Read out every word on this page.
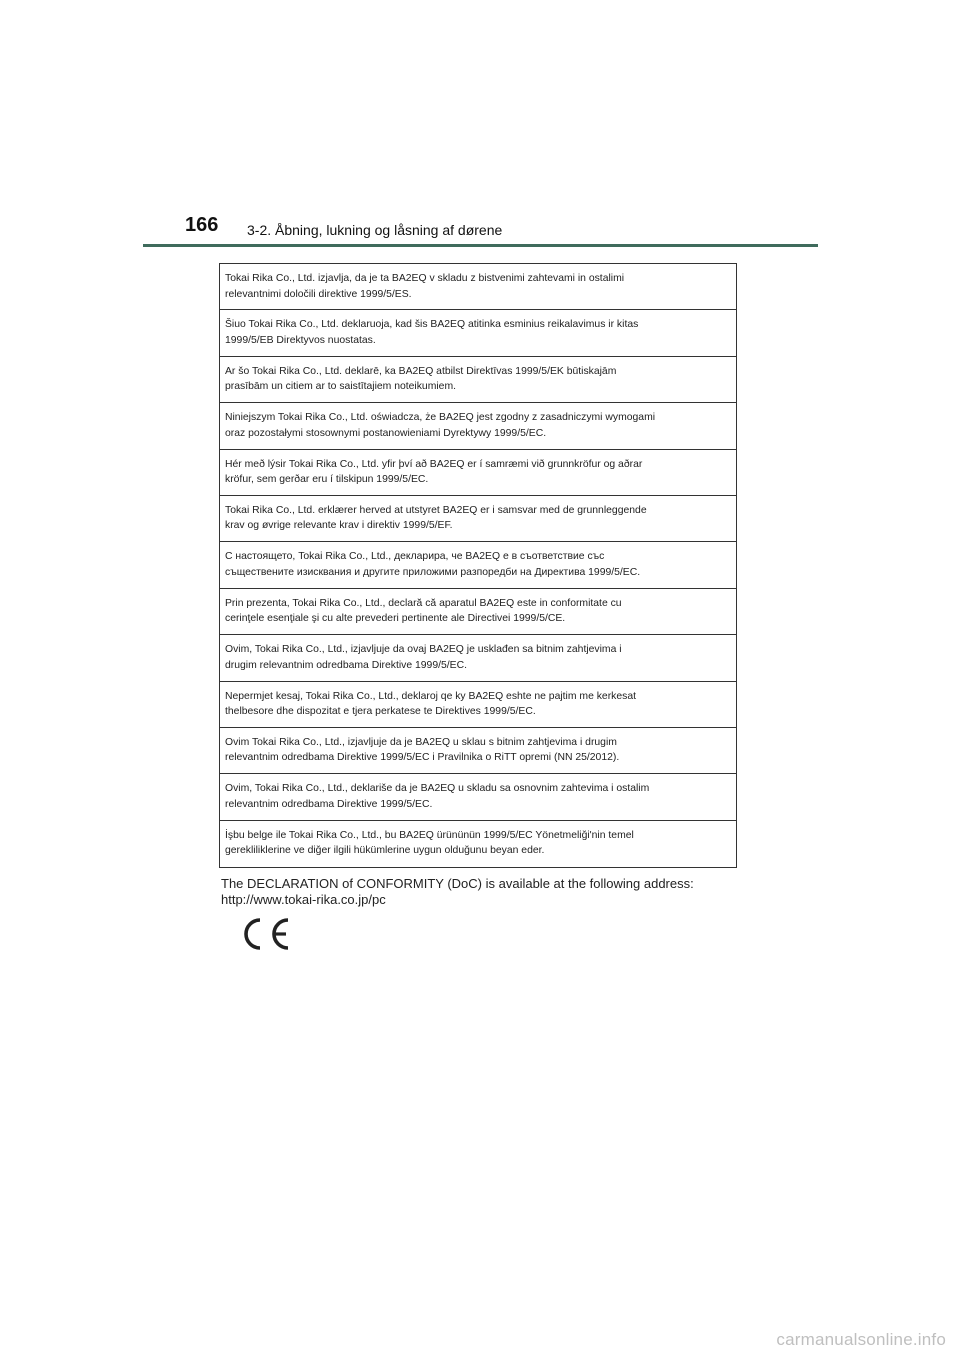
166 3-2. Åbning, lukning og låsning af dørene
Tokai Rika Co., Ltd. izjavlja, da je ta BA2EQ v skladu z bistvenimi zahtevami in ostalimi
relevantnimi določili direktive 1999/5/ES.
Šiuo Tokai Rika Co., Ltd. deklaruoja, kad šis BA2EQ atitinka esminius reikalavimus ir kitas
1999/5/EB Direktyvos nuostatas.
Ar šo Tokai Rika Co., Ltd. deklarē, ka BA2EQ atbilst Direktīvas 1999/5/EK būtiskajām
prasībām un citiem ar to saistītajiem noteikumiem.
Niniejszym Tokai Rika Co., Ltd. oświadcza, że BA2EQ jest zgodny z zasadniczymi wymogami
oraz pozostałymi stosownymi postanowieniami Dyrektywy 1999/5/EC.
Hér með lýsir Tokai Rika Co., Ltd. yfir því að BA2EQ er í samræmi við grunnkröfur og aðrar
kröfur, sem gerðar eru í tilskipun 1999/5/EC.
Tokai Rika Co., Ltd. erklærer herved at utstyret BA2EQ er i samsvar med de grunnleggende
krav og øvrige relevante krav i direktiv 1999/5/EF.
С настоящето, Tokai Rika Co., Ltd., декларира, че BA2EQ е в съответствие със
съществените изисквания и другите приложими разпоредби на Директива 1999/5/ЕС.
Prin prezenta, Tokai Rika Co., Ltd., declară că aparatul BA2EQ este in conformitate cu
cerinţele esenţiale şi cu alte prevederi pertinente ale Directivei 1999/5/CE.
Ovim, Tokai Rika Co., Ltd., izjavljuje da ovaj BA2EQ je usklađen sa bitnim zahtjevima i
drugim relevantnim odredbama Direktive 1999/5/EC.
Nepermjet kesaj, Tokai Rika Co., Ltd., deklaroj qe ky BA2EQ eshte ne pajtim me kerkesat
thelbesore dhe dispozitat e tjera perkatese te Direktives 1999/5/EC.
Ovim Tokai Rika Co., Ltd., izjavljuje da je BA2EQ u sklau s bitnim zahtjevima i drugim
relevantnim odredbama Direktive 1999/5/EC i Pravilnika o RiTT opremi (NN 25/2012).
Ovim, Tokai Rika Co., Ltd., deklariše da je BA2EQ u skladu sa osnovnim zahtevima i ostalim
relevantnim odredbama Direktive 1999/5/EC.
İşbu belge ile Tokai Rika Co., Ltd., bu BA2EQ ürününün 1999/5/EC Yönetmeliği'nin temel
gerekliliklerine ve diğer ilgili hükümlerine uygun olduğunu beyan eder.
The DECLARATION of CONFORMITY (DoC) is available at the following address:
http://www.tokai-rika.co.jp/pc
carmanualsonline.info
